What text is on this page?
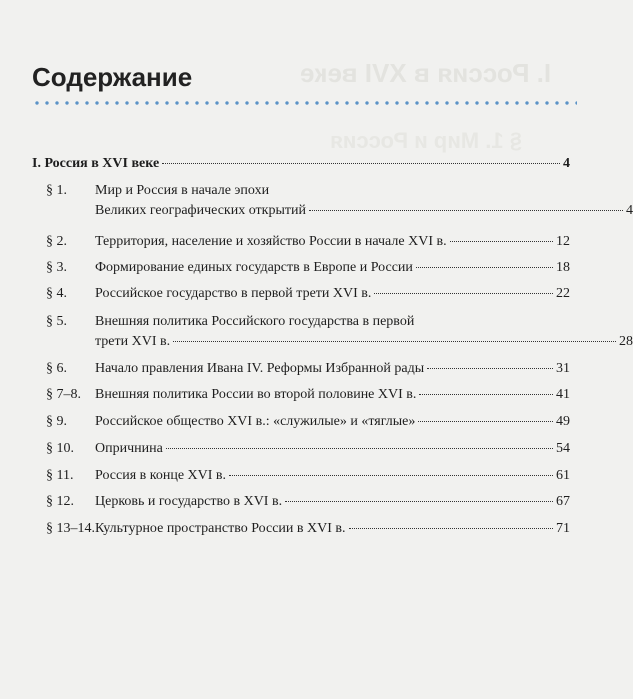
I. Россия в XVI веке
§ 1. Мир и Россия
Содержание
I. Россия в XVI веке	4
§ 1.	Мир и Россия в начале эпохи
Великих географических открытий	4
§ 2.	Территория, население и хозяйство России в начале XVI в.	12
§ 3.	Формирование единых государств в Европе и России	18
§ 4.	Российское государство в первой трети XVI в.	22
§ 5.	Внешняя политика Российского государства в первой
трети XVI в.	28
§ 6.	Начало правления Ивана IV. Реформы Избранной рады	31
§ 7–8.	Внешняя политика России во второй половине XVI в.	41
§ 9.	Российское общество XVI в.: «служилые» и «тяглые»	49
§ 10.	Опричнина	54
§ 11.	Россия в конце XVI в.	61
§ 12.	Церковь и государство в XVI в.	67
§ 13–14. Культурное пространство России в XVI в.	71
